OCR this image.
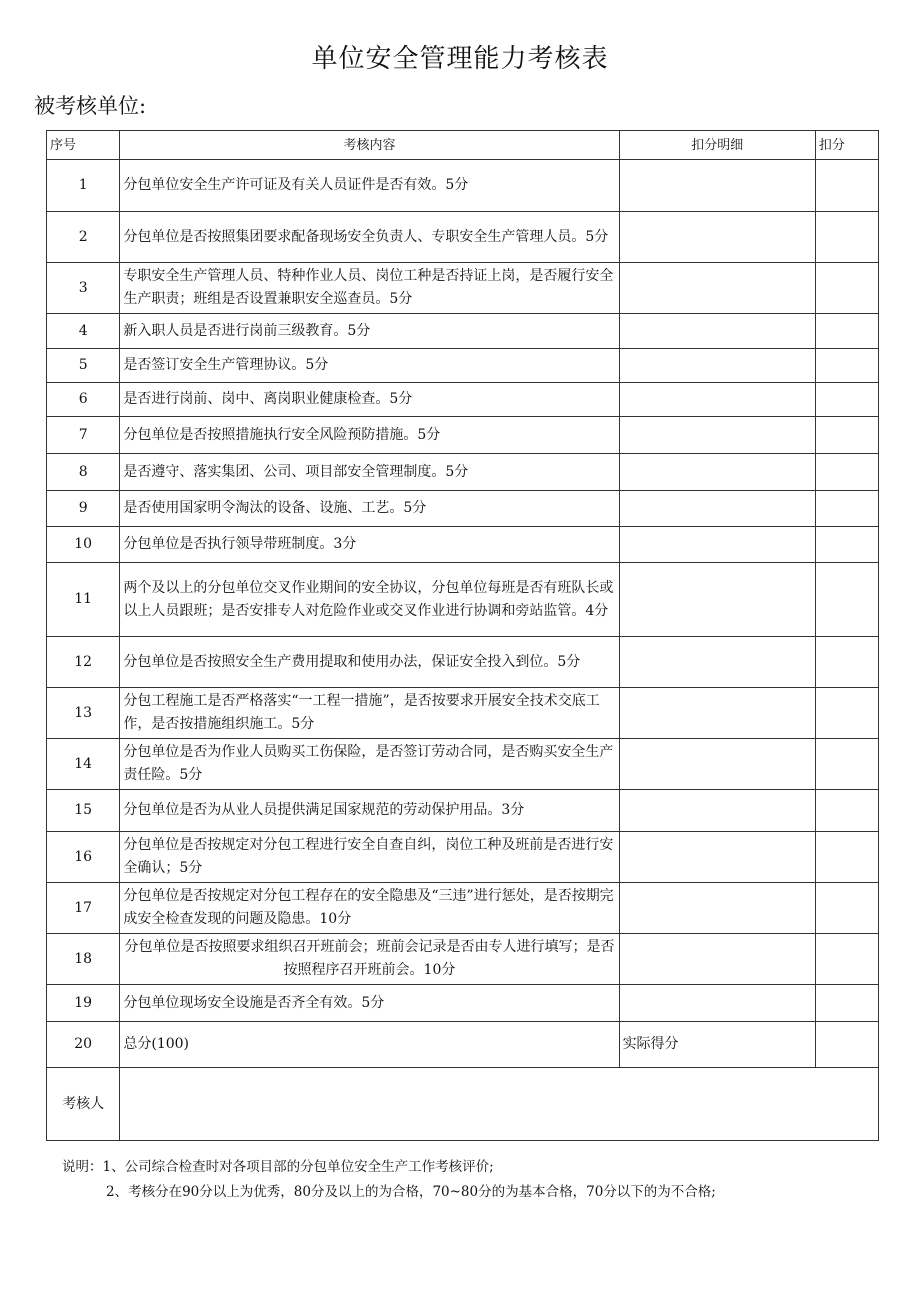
单位安全管理能力考核表
被考核单位:
序号	考核内容	扣分明细	扣分
1	分包单位安全生产许可证及有关人员证件是否有效。5分		
2	分包单位是否按照集团要求配备现场安全负责人、专职安全生产管理人员。5分		
3	专职安全生产管理人员、特种作业人员、岗位工种是否持证上岗，是否履行安全生产职责；班组是否设置兼职安全巡查员。5分		
4	新入职人员是否进行岗前三级教育。5分		
5	是否签订安全生产管理协议。5分		
6	是否进行岗前、岗中、离岗职业健康检查。5分		
7	分包单位是否按照措施执行安全风险预防措施。5分		
8	是否遵守、落实集团、公司、项目部安全管理制度。5分		
9	是否使用国家明令淘汰的设备、设施、工艺。5分		
10	分包单位是否执行领导带班制度。3分		
11	两个及以上的分包单位交叉作业期间的安全协议，分包单位每班是否有班队长或以上人员跟班；是否安排专人对危险作业或交叉作业进行协调和旁站监管。4分		
12	分包单位是否按照安全生产费用提取和使用办法，保证安全投入到位。5分		
13	分包工程施工是否严格落实“一工程一措施”，是否按要求开展安全技术交底工作，是否按措施组织施工。5分		
14	分包单位是否为作业人员购买工伤保险，是否签订劳动合同，是否购买安全生产责任险。5分		
15	分包单位是否为从业人员提供满足国家规范的劳动保护用品。3分		
16	分包单位是否按规定对分包工程进行安全自查自纠，岗位工种及班前是否进行安全确认；5分		
17	分包单位是否按规定对分包工程存在的安全隐患及“三违”进行惩处，是否按期完成安全检查发现的问题及隐患。10分		
18	分包单位是否按照要求组织召开班前会；班前会记录是否由专人进行填写；是否按照程序召开班前会。10分		
19	分包单位现场安全设施是否齐全有效。5分		
20	总分(100)	实际得分	
考核人			
说明：1、公司综合检查时对各项目部的分包单位安全生产工作考核评价;
2、考核分在90分以上为优秀，80分及以上的为合格，70~80分的为基本合格，70分以下的为不合格;
